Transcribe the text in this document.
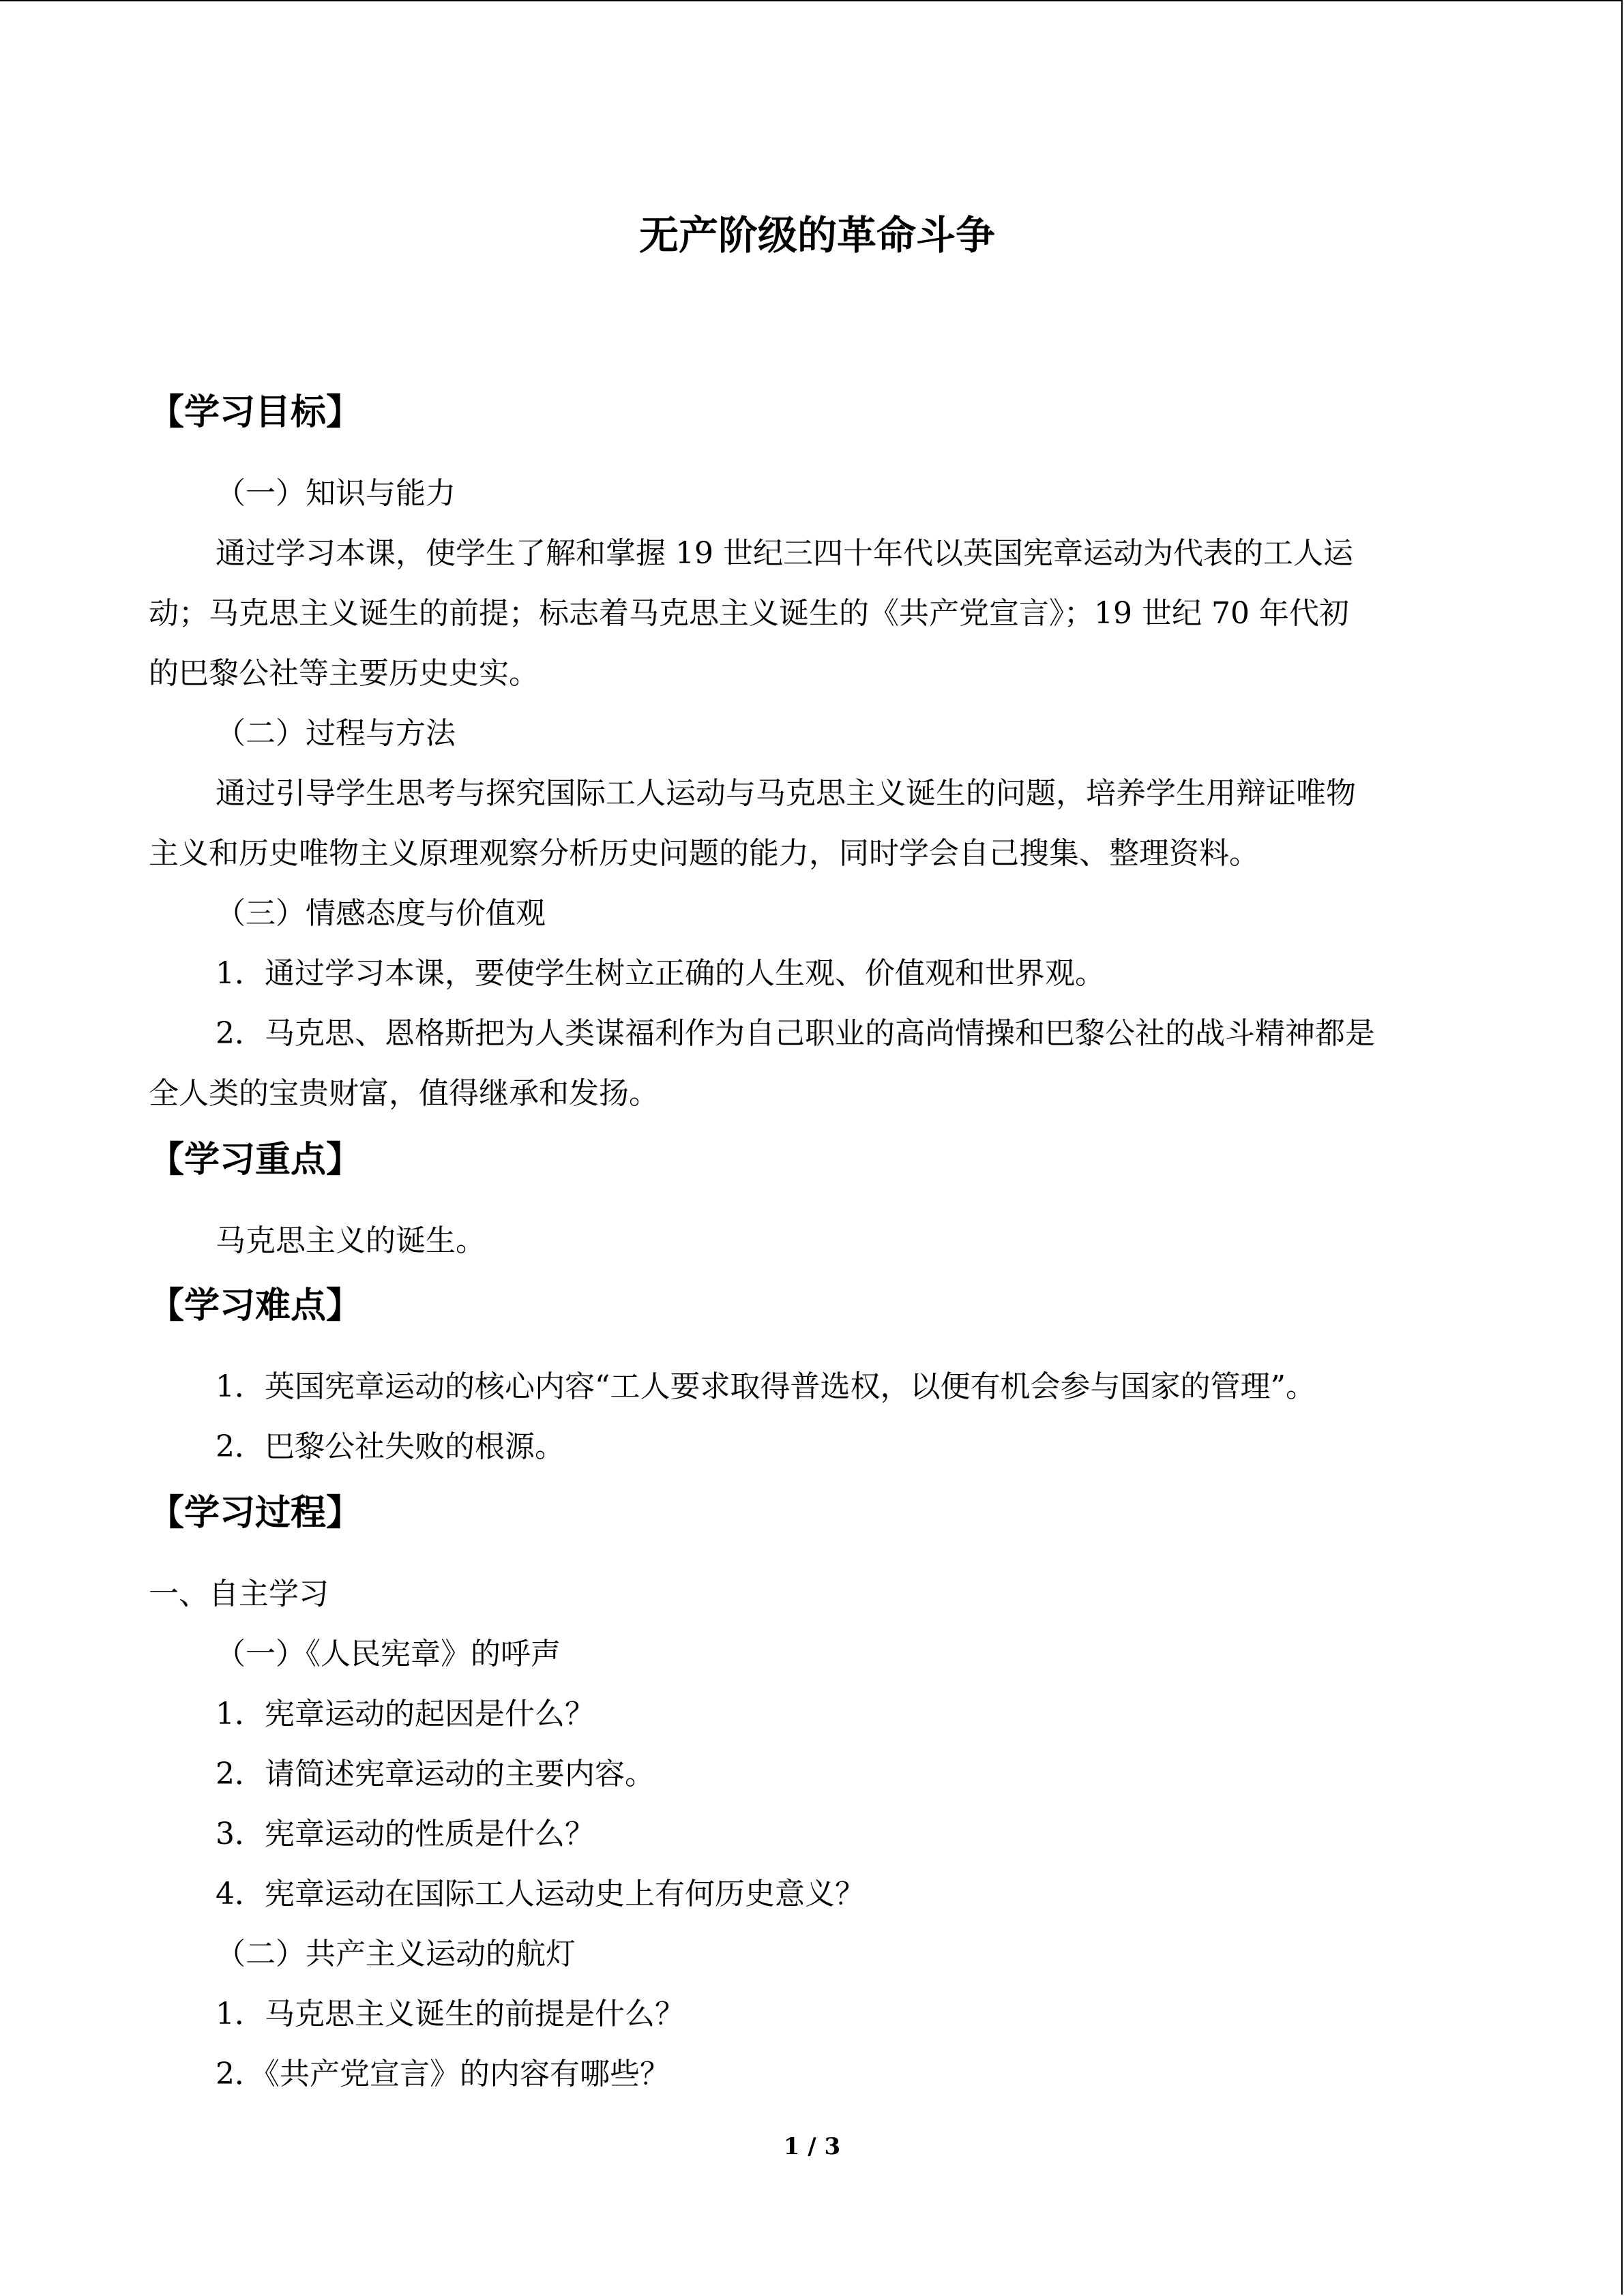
无产阶级的革命斗争
【学习目标】
（一）知识与能力
通过学习本课，使学生了解和掌握 19 世纪三四十年代以英国宪章运动为代表的工人运
动；马克思主义诞生的前提；标志着马克思主义诞生的《共产党宣言》；19 世纪 70 年代初
的巴黎公社等主要历史史实。
（二）过程与方法
通过引导学生思考与探究国际工人运动与马克思主义诞生的问题，培养学生用辩证唯物
主义和历史唯物主义原理观察分析历史问题的能力，同时学会自己搜集、整理资料。
（三）情感态度与价值观
1．通过学习本课，要使学生树立正确的人生观、价值观和世界观。
2．马克思、恩格斯把为人类谋福利作为自己职业的高尚情操和巴黎公社的战斗精神都是
全人类的宝贵财富，值得继承和发扬。
【学习重点】
马克思主义的诞生。
【学习难点】
1．英国宪章运动的核心内容“工人要求取得普选权，以便有机会参与国家的管理”。
2．巴黎公社失败的根源。
【学习过程】
一、自主学习
（一）《人民宪章》的呼声
1．宪章运动的起因是什么？
2．请简述宪章运动的主要内容。
3．宪章运动的性质是什么？
4．宪章运动在国际工人运动史上有何历史意义？
（二）共产主义运动的航灯
1．马克思主义诞生的前提是什么？
2．《共产党宣言》的内容有哪些？
1 / 3
